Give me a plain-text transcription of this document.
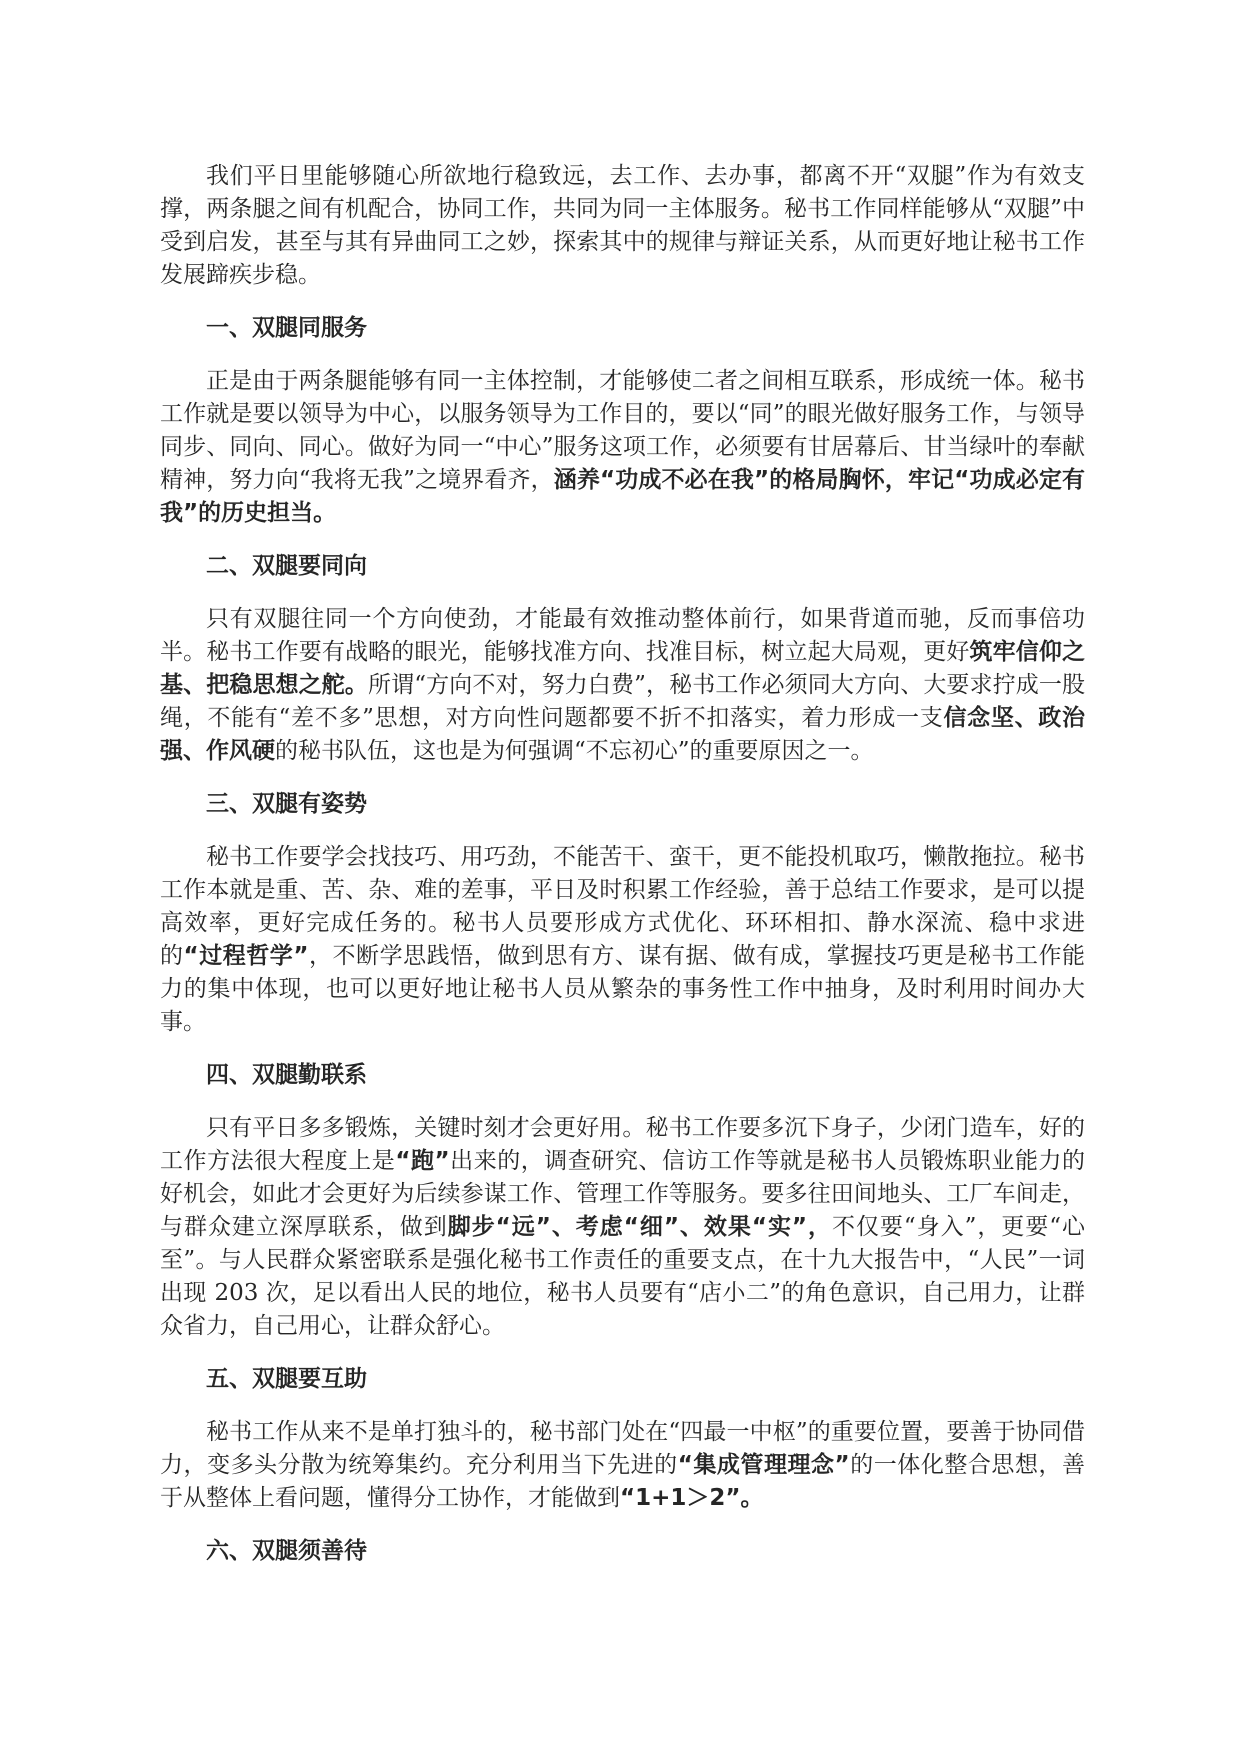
我们平日里能够随心所欲地行稳致远，去工作、去办事，都离不开“双腿”作为有效支撑，两条腿之间有机配合，协同工作，共同为同一主体服务。秘书工作同样能够从“双腿”中受到启发，甚至与其有异曲同工之妙，探索其中的规律与辩证关系，从而更好地让秘书工作发展蹄疾步稳。

一、双腿同服务

正是由于两条腿能够有同一主体控制，才能够使二者之间相互联系，形成统一体。秘书工作就是要以领导为中心，以服务领导为工作目的，要以“同”的眼光做好服务工作，与领导同步、同向、同心。做好为同一“中心”服务这项工作，必须要有甘居幕后、甘当绿叶的奉献精神，努力向“我将无我”之境界看齐，涵养“功成不必在我”的格局胸怀，牢记“功成必定有我”的历史担当。

二、双腿要同向

只有双腿往同一个方向使劲，才能最有效推动整体前行，如果背道而驰，反而事倍功半。秘书工作要有战略的眼光，能够找准方向、找准目标，树立起大局观，更好筑牢信仰之基、把稳思想之舵。所谓“方向不对，努力白费”，秘书工作必须同大方向、大要求拧成一股绳，不能有“差不多”思想，对方向性问题都要不折不扣落实，着力形成一支信念坚、政治强、作风硬的秘书队伍，这也是为何强调“不忘初心”的重要原因之一。

三、双腿有姿势

秘书工作要学会找技巧、用巧劲，不能苦干、蛮干，更不能投机取巧，懒散拖拉。秘书工作本就是重、苦、杂、难的差事，平日及时积累工作经验，善于总结工作要求，是可以提高效率，更好完成任务的。秘书人员要形成方式优化、环环相扣、静水深流、稳中求进的“过程哲学”，不断学思践悟，做到思有方、谋有据、做有成，掌握技巧更是秘书工作能力的集中体现，也可以更好地让秘书人员从繁杂的事务性工作中抽身，及时利用时间办大事。

四、双腿勤联系

只有平日多多锻炼，关键时刻才会更好用。秘书工作要多沉下身子，少闭门造车，好的工作方法很大程度上是“跑”出来的，调查研究、信访工作等就是秘书人员锻炼职业能力的好机会，如此才会更好为后续参谋工作、管理工作等服务。要多往田间地头、工厂车间走，与群众建立深厚联系，做到脚步“远”、考虑“细”、效果“实”，不仅要“身入”，更要“心至”。与人民群众紧密联系是强化秘书工作责任的重要支点，在十九大报告中，“人民”一词出现 203 次，足以看出人民的地位，秘书人员要有“店小二”的角色意识，自己用力，让群众省力，自己用心，让群众舒心。

五、双腿要互助

秘书工作从来不是单打独斗的，秘书部门处在“四最一中枢”的重要位置，要善于协同借力，变多头分散为统筹集约。充分利用当下先进的“集成管理理念”的一体化整合思想，善于从整体上看问题，懂得分工协作，才能做到“1+1＞2”。

六、双腿须善待
